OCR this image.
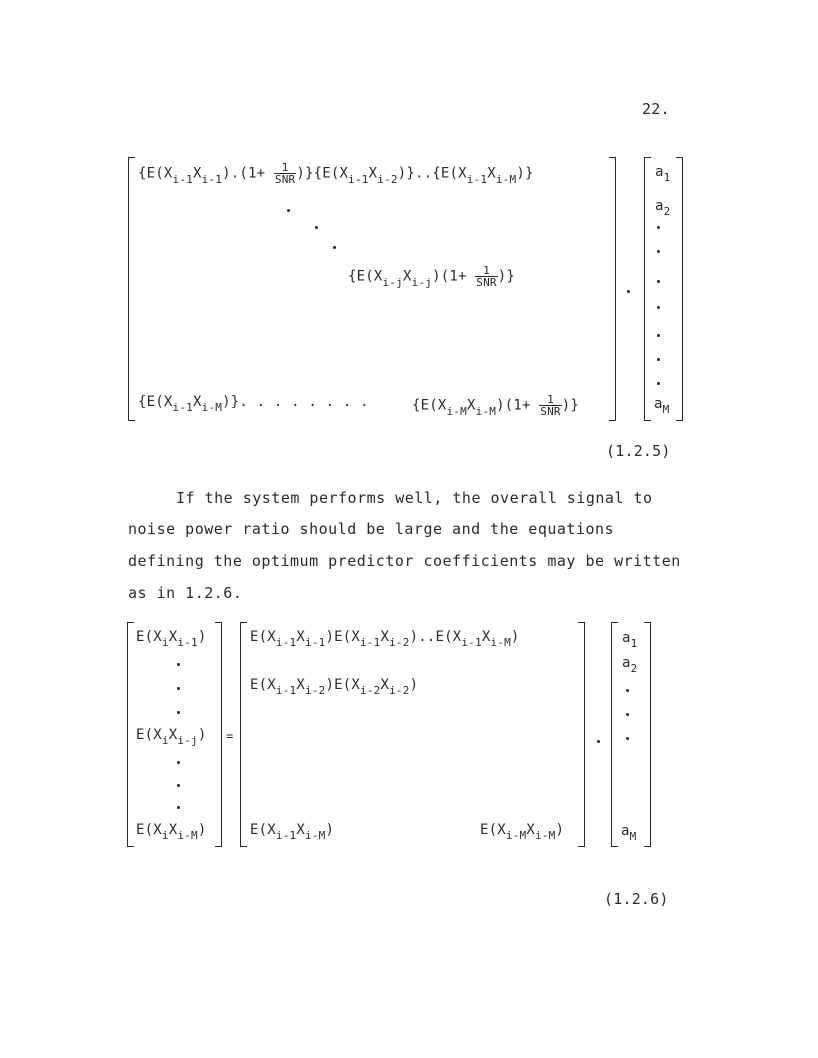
22.
$\{E(X_{i-1}X_{i-1}).(1+ \frac{1}{\text{SNR}} )\}\{E(X_{i-1}X_{i-2})\}..\{E(X_{i-1}X_{i-M})\}$
{$E(X_{i-j}X_{i-j})(1+ \frac{1}{\text{SNR}}$ )}
$\{E(X_{i-1}X_{i-M})\}$. . . . . . . .	{$E(X_{i-M}X_{i-M})(1+ \frac{1}{\text{SNR}}$ )}
$a_1$
$a_2$
$a_M$
(1.2.5)
If the system performs well, the overall signal to
noise power ratio should be large and the equations
defining the optimum predictor coefficients may be written
as in 1.2.6.
$E(X_iX_{i-1})$
$E(X_iX_{i-j})$
$E(X_iX_{i-M})$
=
$E(X_{i-1}X_{i-1})E(X_{i-1}X_{i-2})..E(X_{i-1}X_{i-M})$
$E(X_{i-1}X_{i-2})E(X_{i-2}X_{i-2})$
$E(X_{i-1}X_{i-M})$	$E(X_{i-M}X_{i-M})$
$a_1$
$a_2$
$a_M$
(1.2.6)
